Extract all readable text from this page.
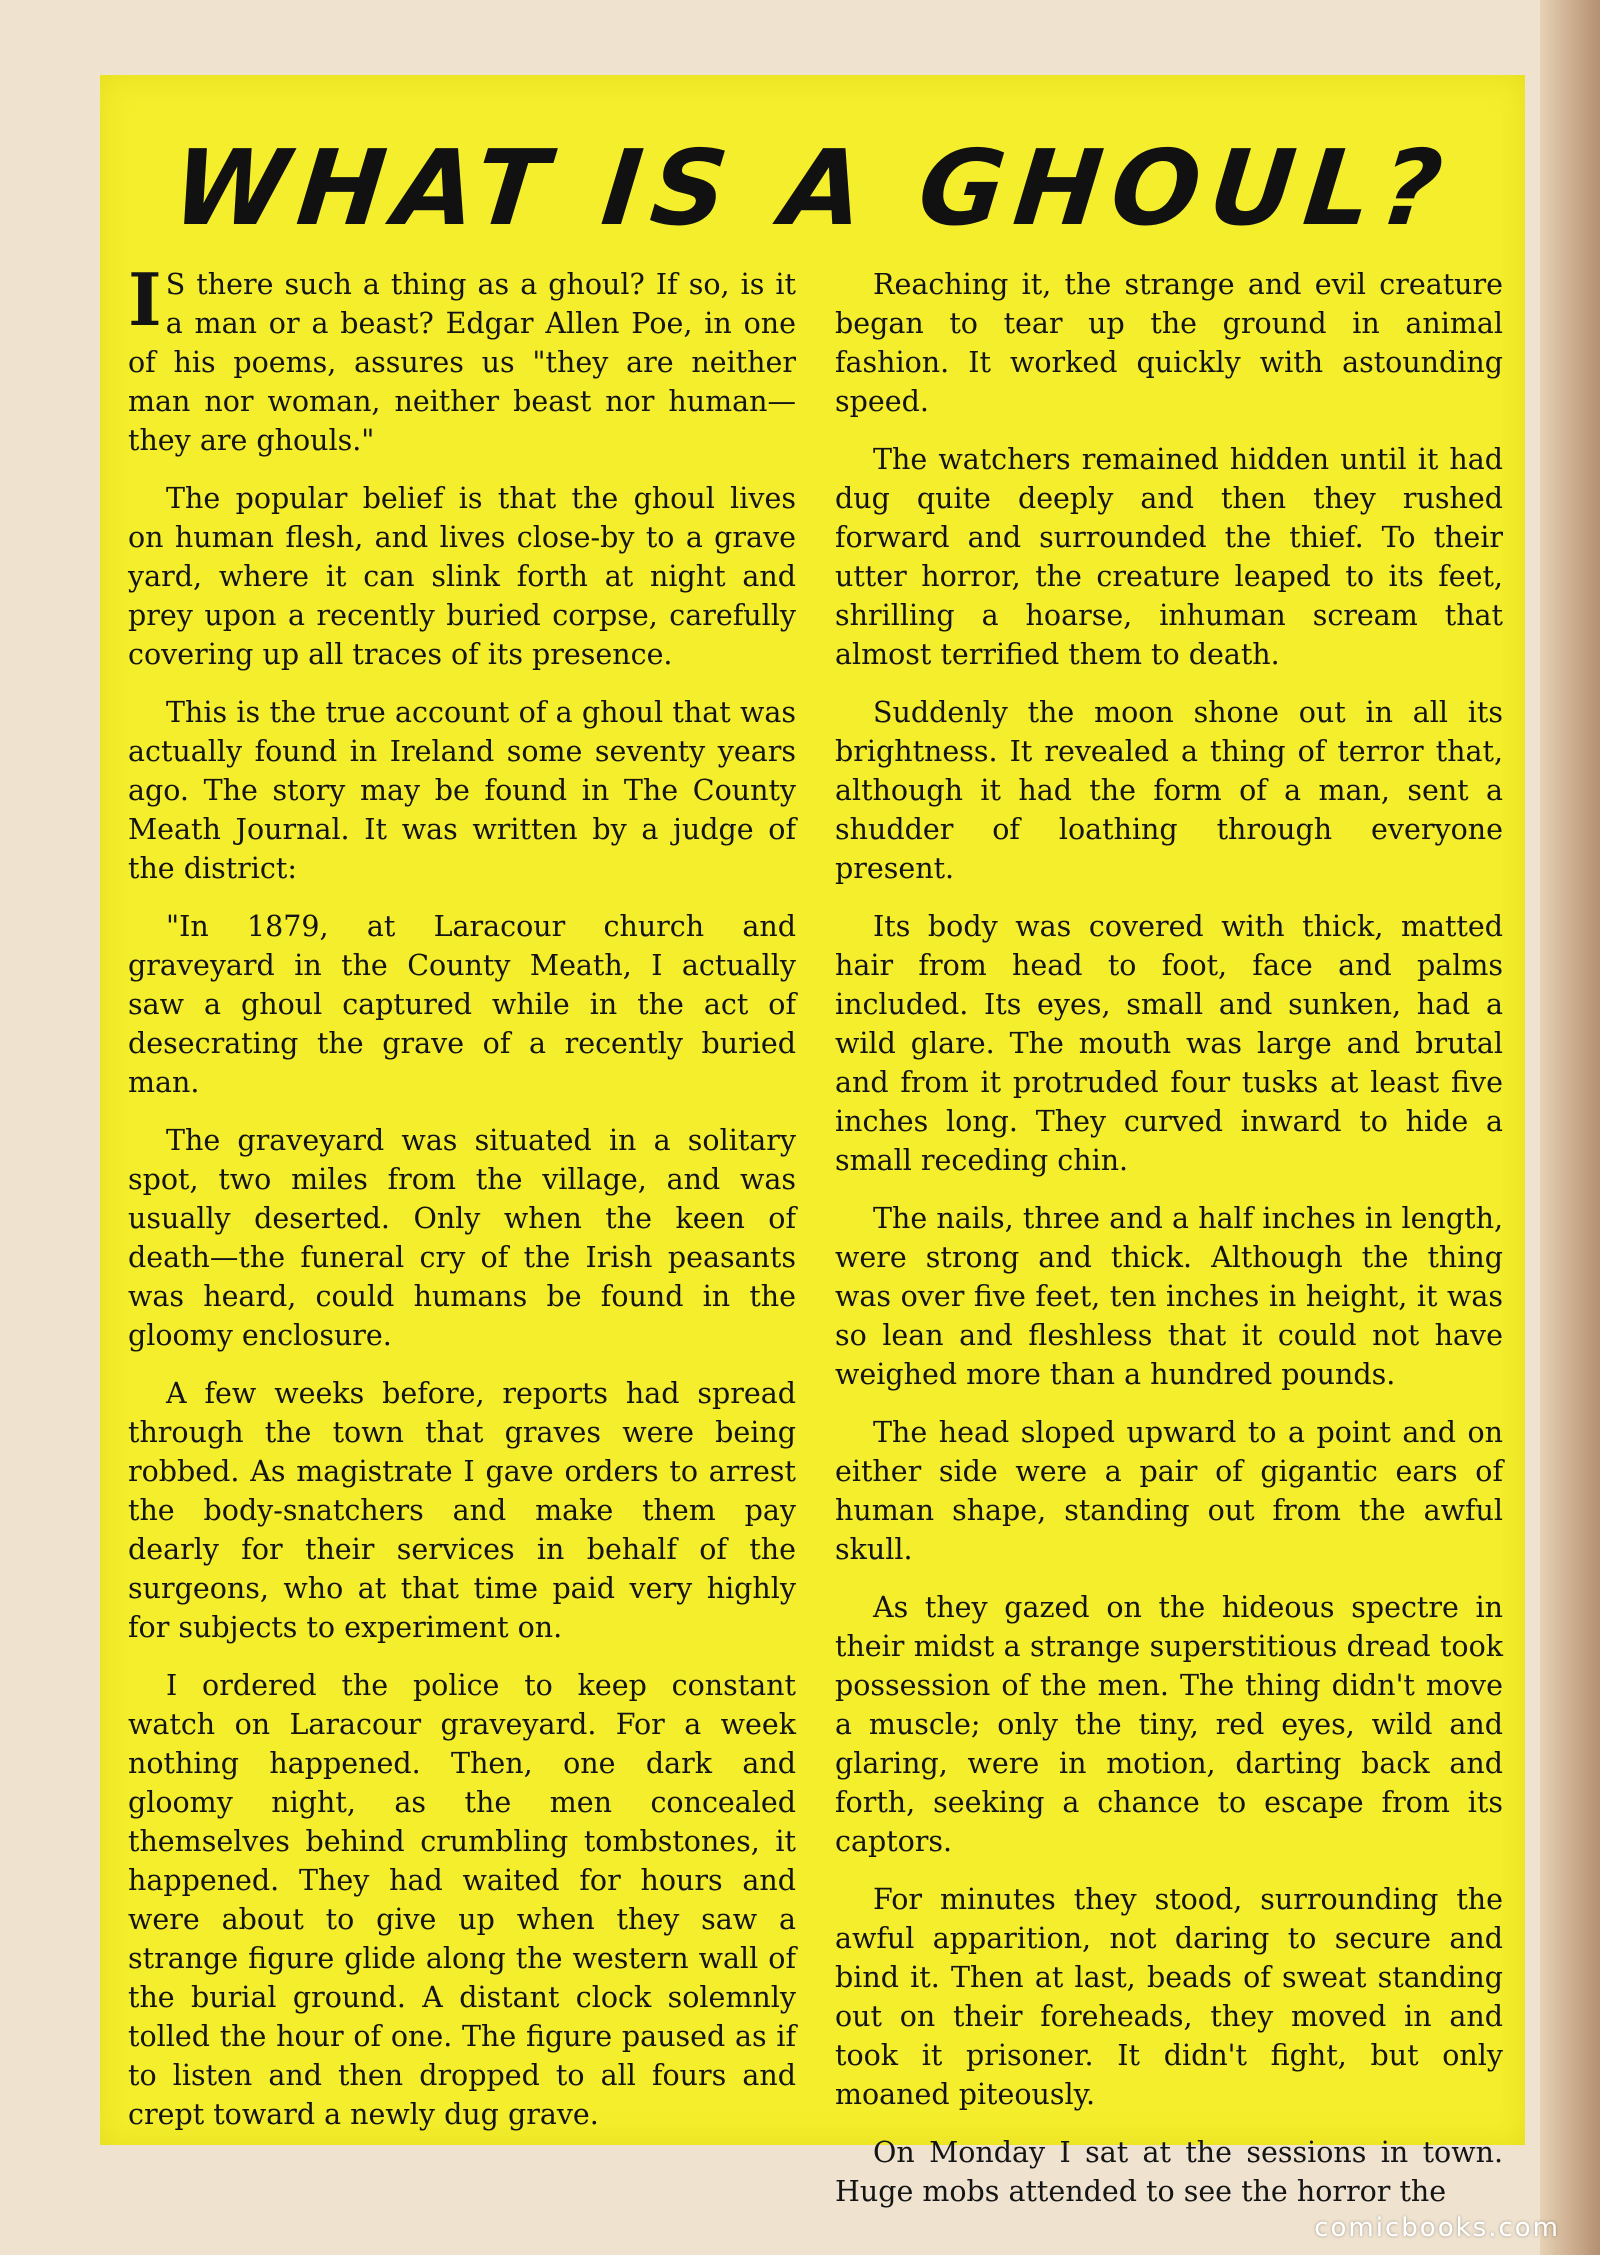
WHAT IS A GHOUL?

I S there such a thing as a ghoul? If so, is it a man or a beast? Edgar Allen Poe, in one of his poems, assures us "they are neither man nor woman, neither beast nor human— they are ghouls."

The popular belief is that the ghoul lives on human flesh, and lives close-by to a grave yard, where it can slink forth at night and prey upon a recently buried corpse, carefully covering up all traces of its presence.

This is the true account of a ghoul that was actually found in Ireland some seventy years ago. The story may be found in The County Meath Journal. It was written by a judge of the district:

"In 1879, at Laracour church and graveyard in the County Meath, I actually saw a ghoul captured while in the act of desecrating the grave of a recently buried man.

The graveyard was situated in a solitary spot, two miles from the village, and was usually deserted. Only when the keen of death—the funeral cry of the Irish peasants was heard, could humans be found in the gloomy enclosure.

A few weeks before, reports had spread through the town that graves were being robbed. As magistrate I gave orders to arrest the body-snatchers and make them pay dearly for their services in behalf of the surgeons, who at that time paid very highly for subjects to experiment on.

I ordered the police to keep constant watch on Laracour graveyard. For a week nothing happened. Then, one dark and gloomy night, as the men concealed themselves behind crumbling tombstones, it happened. They had waited for hours and were about to give up when they saw a strange figure glide along the western wall of the burial ground. A distant clock solemnly tolled the hour of one. The figure paused as if to listen and then dropped to all fours and crept toward a newly dug grave.

Reaching it, the strange and evil creature began to tear up the ground in animal fashion. It worked quickly with astounding speed.

The watchers remained hidden until it had dug quite deeply and then they rushed forward and surrounded the thief. To their utter horror, the creature leaped to its feet, shrilling a hoarse, inhuman scream that almost terrified them to death.

Suddenly the moon shone out in all its brightness. It revealed a thing of terror that, although it had the form of a man, sent a shudder of loathing through everyone present.

Its body was covered with thick, matted hair from head to foot, face and palms included. Its eyes, small and sunken, had a wild glare. The mouth was large and brutal and from it protruded four tusks at least five inches long. They curved inward to hide a small receding chin.

The nails, three and a half inches in length, were strong and thick. Although the thing was over five feet, ten inches in height, it was so lean and fleshless that it could not have weighed more than a hundred pounds.

The head sloped upward to a point and on either side were a pair of gigantic ears of human shape, standing out from the awful skull.

As they gazed on the hideous spectre in their midst a strange superstitious dread took possession of the men. The thing didn't move a muscle; only the tiny, red eyes, wild and glaring, were in motion, darting back and forth, seeking a chance to escape from its captors.

For minutes they stood, surrounding the awful apparition, not daring to secure and bind it. Then at last, beads of sweat standing out on their foreheads, they moved in and took it prisoner. It didn't fight, but only moaned piteously.

On Monday I sat at the sessions in town. Huge mobs attended to see the horror the

comicbooks.com
